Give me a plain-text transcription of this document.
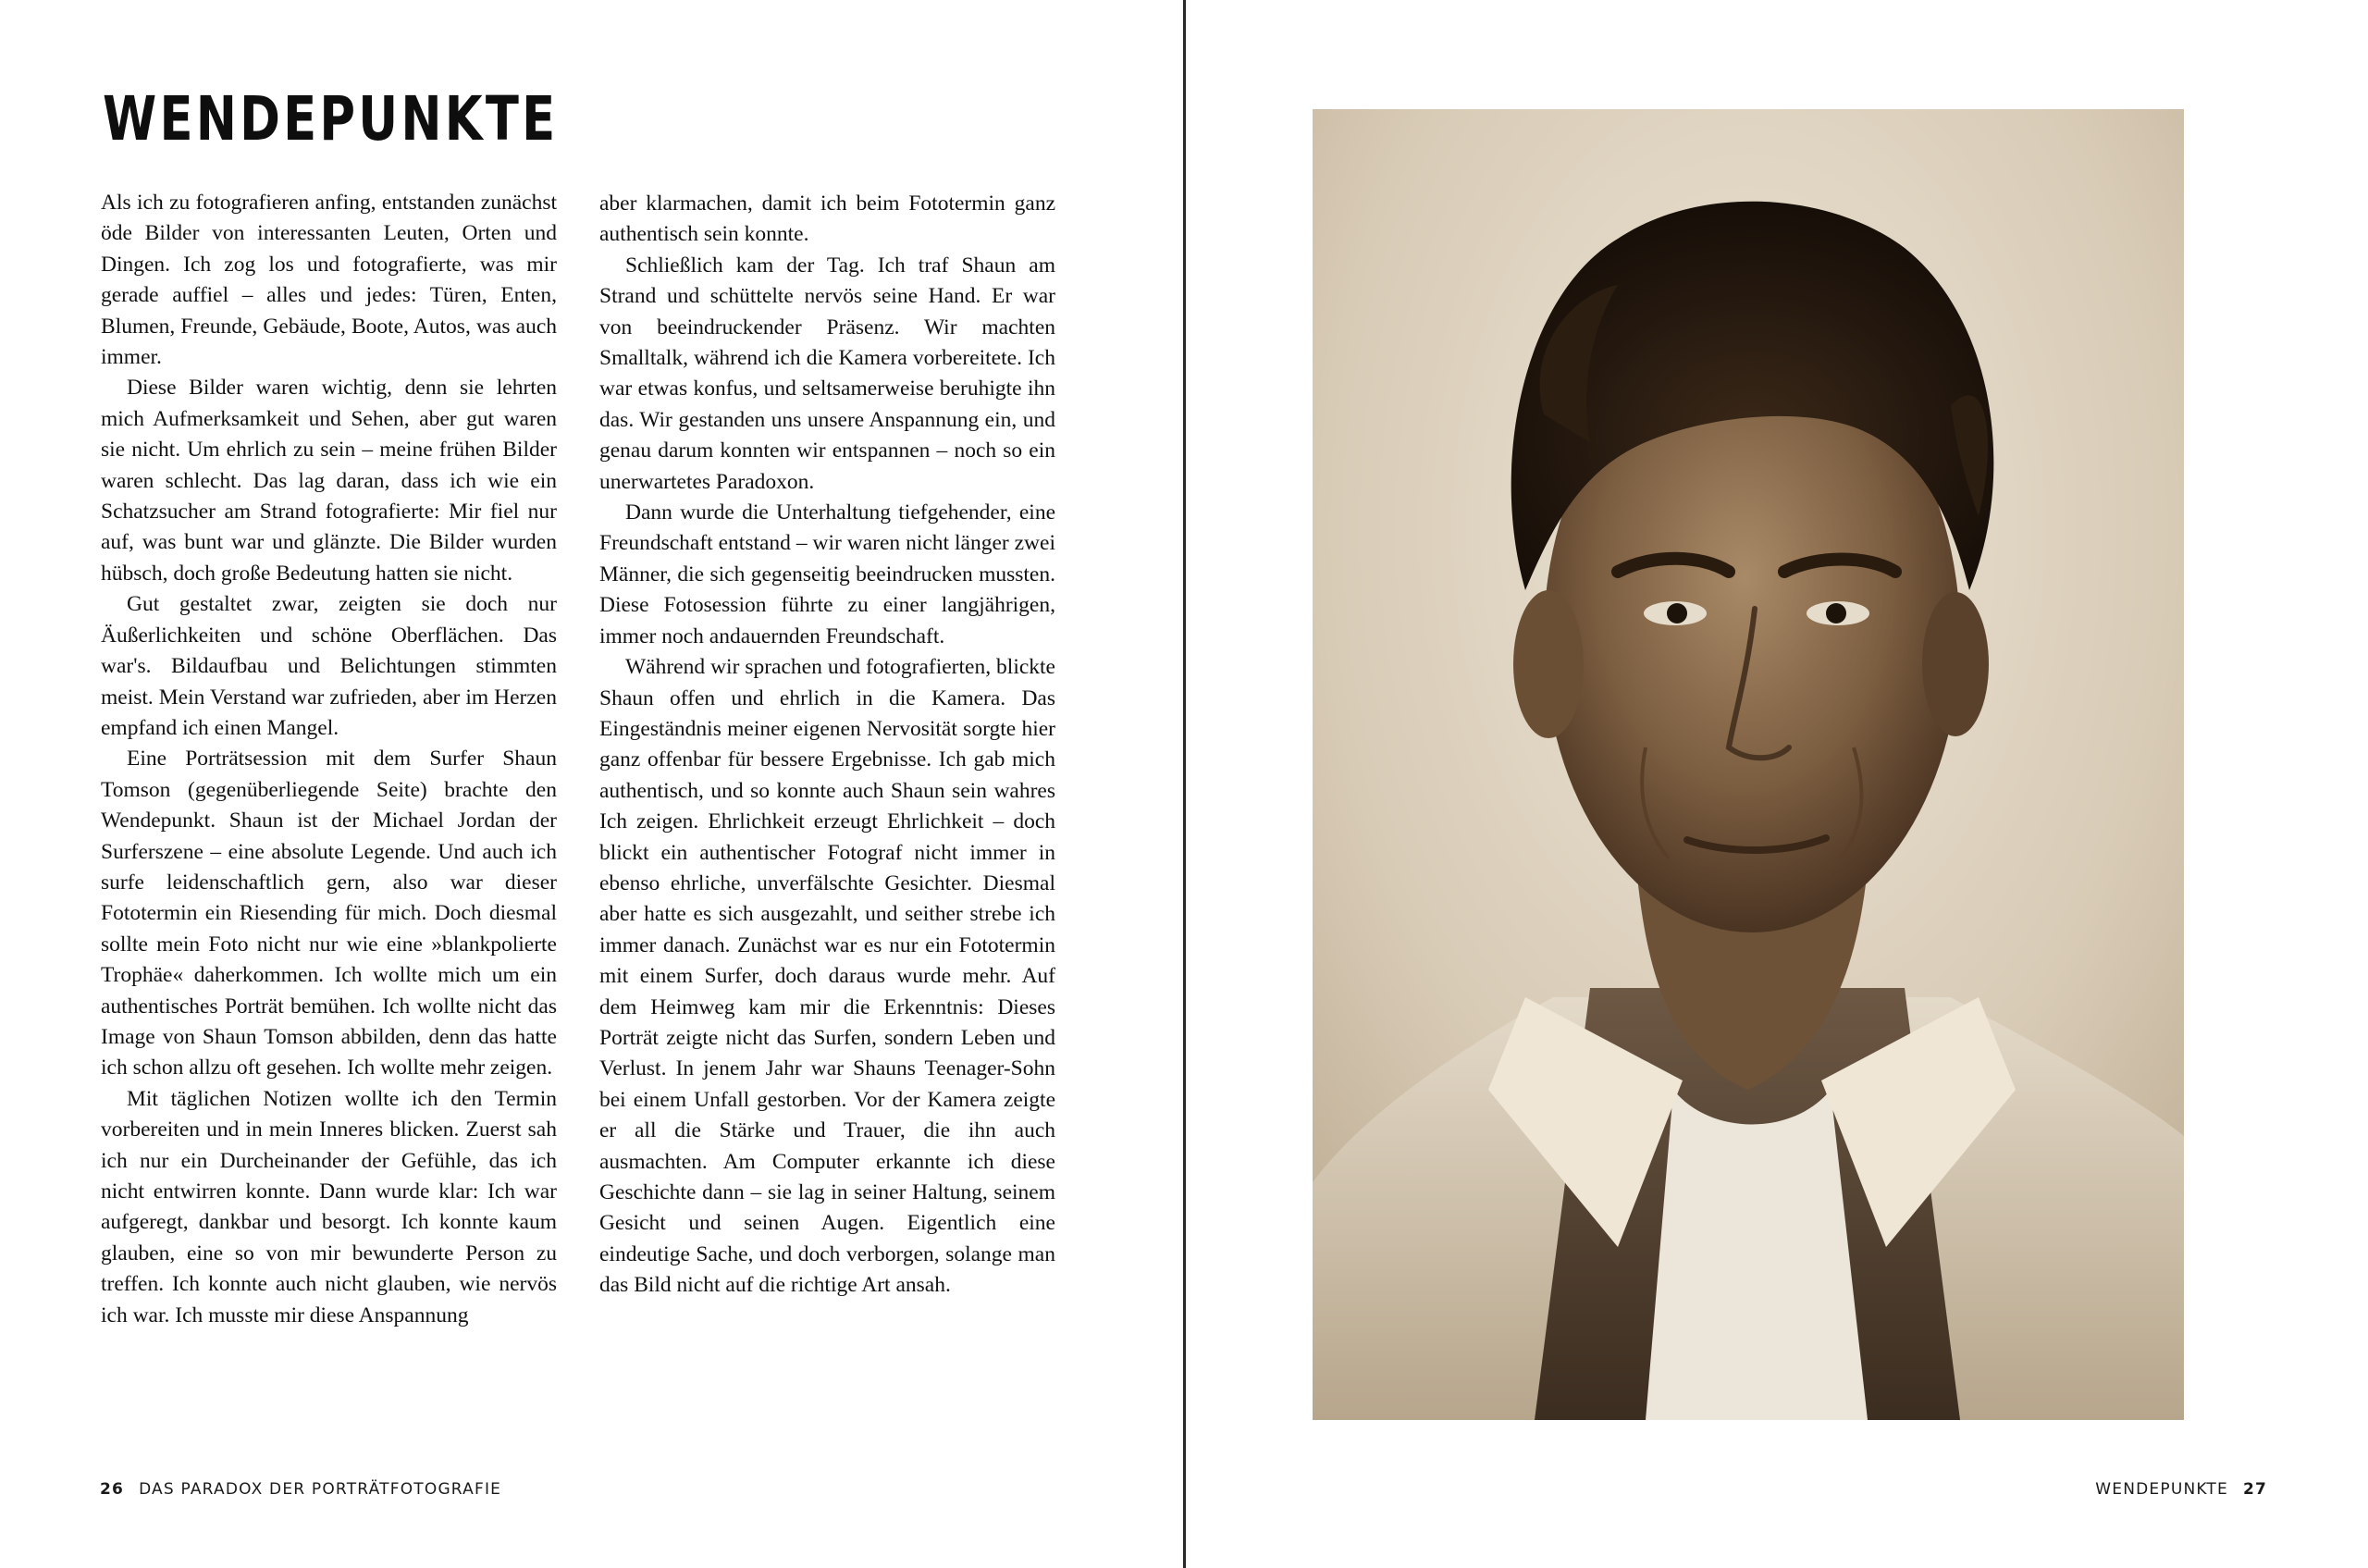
WENDEPUNKTE

Als ich zu fotografieren anfing, entstanden zunächst öde Bilder von interessanten Leuten, Orten und Dingen. Ich zog los und fotografierte, was mir gerade auffiel – alles und jedes: Türen, Enten, Blumen, Freunde, Gebäude, Boote, Autos, was auch immer.

Diese Bilder waren wichtig, denn sie lehrten mich Aufmerksamkeit und Sehen, aber gut waren sie nicht. Um ehrlich zu sein – meine frühen Bilder waren schlecht. Das lag daran, dass ich wie ein Schatzsucher am Strand fotografierte: Mir fiel nur auf, was bunt war und glänzte. Die Bilder wurden hübsch, doch große Bedeutung hatten sie nicht.

Gut gestaltet zwar, zeigten sie doch nur Äußerlichkeiten und schöne Oberflächen. Das war's. Bildaufbau und Belichtungen stimmten meist. Mein Verstand war zufrieden, aber im Herzen empfand ich einen Mangel.

Eine Porträtsession mit dem Surfer Shaun Tomson (gegenüberliegende Seite) brachte den Wendepunkt. Shaun ist der Michael Jordan der Surferszene – eine absolute Legende. Und auch ich surfe leidenschaftlich gern, also war dieser Fototermin ein Riesending für mich. Doch diesmal sollte mein Foto nicht nur wie eine »blankpolierte Trophäe« daherkommen. Ich wollte mich um ein authentisches Porträt bemühen. Ich wollte nicht das Image von Shaun Tomson abbilden, denn das hatte ich schon allzu oft gesehen. Ich wollte mehr zeigen.

Mit täglichen Notizen wollte ich den Termin vorbereiten und in mein Inneres blicken. Zuerst sah ich nur ein Durcheinander der Gefühle, das ich nicht entwirren konnte. Dann wurde klar: Ich war aufgeregt, dankbar und besorgt. Ich konnte kaum glauben, eine so von mir bewunderte Person zu treffen. Ich konnte auch nicht glauben, wie nervös ich war. Ich musste mir diese Anspannung

aber klarmachen, damit ich beim Fototermin ganz authentisch sein konnte.

Schließlich kam der Tag. Ich traf Shaun am Strand und schüttelte nervös seine Hand. Er war von beeindruckender Präsenz. Wir machten Smalltalk, während ich die Kamera vorbereitete. Ich war etwas konfus, und seltsamerweise beruhigte ihn das. Wir gestanden uns unsere Anspannung ein, und genau darum konnten wir entspannen – noch so ein unerwartetes Paradoxon.

Dann wurde die Unterhaltung tiefgehender, eine Freundschaft entstand – wir waren nicht länger zwei Männer, die sich gegenseitig beeindrucken mussten. Diese Fotosession führte zu einer langjährigen, immer noch andauernden Freundschaft.

Während wir sprachen und fotografierten, blickte Shaun offen und ehrlich in die Kamera. Das Eingeständnis meiner eigenen Nervosität sorgte hier ganz offenbar für bessere Ergebnisse. Ich gab mich authentisch, und so konnte auch Shaun sein wahres Ich zeigen. Ehrlichkeit erzeugt Ehrlichkeit – doch blickt ein authentischer Fotograf nicht immer in ebenso ehrliche, unverfälschte Gesichter. Diesmal aber hatte es sich ausgezahlt, und seither strebe ich immer danach. Zunächst war es nur ein Fototermin mit einem Surfer, doch daraus wurde mehr. Auf dem Heimweg kam mir die Erkenntnis: Dieses Porträt zeigte nicht das Surfen, sondern Leben und Verlust. In jenem Jahr war Shauns Teenager-Sohn bei einem Unfall gestorben. Vor der Kamera zeigte er all die Stärke und Trauer, die ihn auch ausmachten. Am Computer erkannte ich diese Geschichte dann – sie lag in seiner Haltung, seinem Gesicht und seinen Augen. Eigentlich eine eindeutige Sache, und doch verborgen, solange man das Bild nicht auf die richtige Art ansah.

26 DAS PARADOX DER PORTRÄTFOTOGRAFIE	WENDEPUNKTE 27
